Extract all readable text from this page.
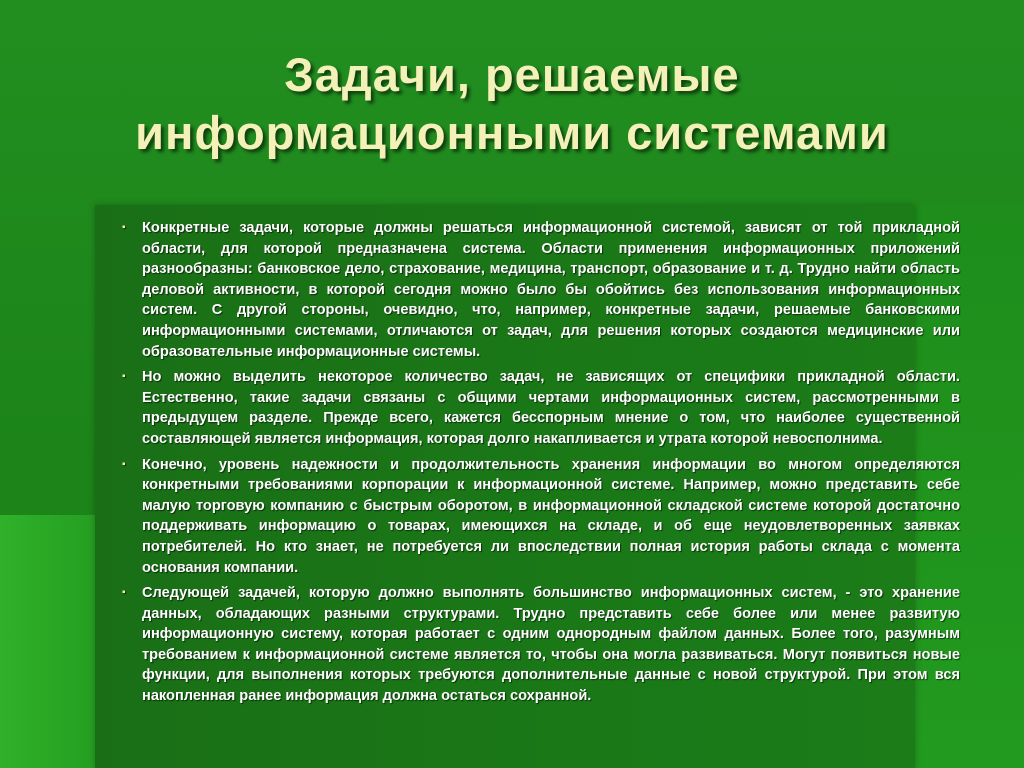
Задачи, решаемые
информационными системами
▪ Конкретные задачи, которые должны решаться информационной системой, зависят от той прикладной области, для которой предназначена система. Области применения информационных приложений разнообразны: банковское дело, страхование, медицина, транспорт, образование и т. д. Трудно найти область деловой активности, в которой сегодня можно было бы обойтись без использования информационных систем. С другой стороны, очевидно, что, например, конкретные задачи, решаемые банковскими информационными системами, отличаются от задач, для решения которых создаются медицинские или образовательные информационные системы.
▪ Но можно выделить некоторое количество задач, не зависящих от специфики прикладной области. Естественно, такие задачи связаны с общими чертами информационных систем, рассмотренными в предыдущем разделе. Прежде всего, кажется бесспорным мнение о том, что наиболее существенной составляющей является информация, которая долго накапливается и утрата которой невосполнима.
▪ Конечно, уровень надежности и продолжительность хранения информации во многом определяются конкретными требованиями корпорации к информационной системе. Например, можно представить себе малую торговую компанию с быстрым оборотом, в информационной складской системе которой достаточно поддерживать информацию о товарах, имеющихся на складе, и об еще неудовлетворенных заявках потребителей. Но кто знает, не потребуется ли впоследствии полная история работы склада с момента основания компании.
▪ Следующей задачей, которую должно выполнять большинство информационных систем, - это хранение данных, обладающих разными структурами. Трудно представить себе более или менее развитую информационную систему, которая работает с одним однородным файлом данных. Более того, разумным требованием к информационной системе является то, чтобы она могла развиваться. Могут появиться новые функции, для выполнения которых требуются дополнительные данные с новой структурой. При этом вся накопленная ранее информация должна остаться сохранной.
